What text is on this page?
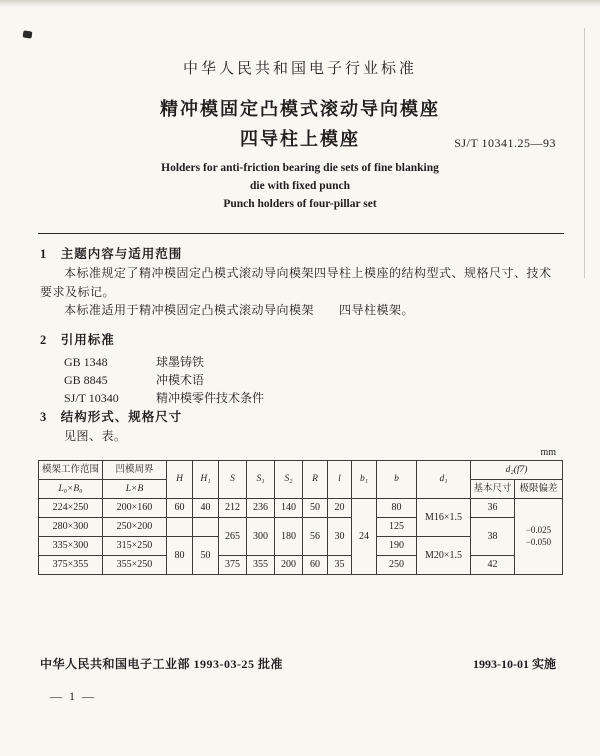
中华人民共和国电子行业标准
精冲模固定凸模式滚动导向模座
四导柱上模座	SJ/T 10341.25—93
Holders for anti-friction bearing die sets of fine blanking
die with fixed punch
Punch holders of four-pillar set
1　主题内容与适用范围
本标准规定了精冲模固定凸模式滚动导向模架四导柱上模座的结构型式、规格尺寸、技术要求及标记。
本标准适用于精冲模固定凸模式滚动导向模架　　四导柱模架。
2　引用标准
GB 1348	球墨铸铁
GB 8845	冲模术语
SJ/T 10340	精冲模零件技术条件
3　结构形式、规格尺寸
见图、表。
mm
模架工作范围	凹模周界	H	H₁	S	S₁	S₂	R	l	b₁	b	d₁	d₂(f7)	
L₀×B₀	L×B											基本尺寸	极限偏差
224×250	200×160	60	40	212	236	140	50	20	24	80	M16×1.5	36	−0.025
−0.050

280×300	250×200			265	300	180	56	30		125		38	
335×300	315×250	80	50							190	M20×1.5		
375×355	355×250			375	355	200	60	35		250		42	
中华人民共和国电子工业部 1993-03-25 批准	1993-10-01 实施
— 1 —
